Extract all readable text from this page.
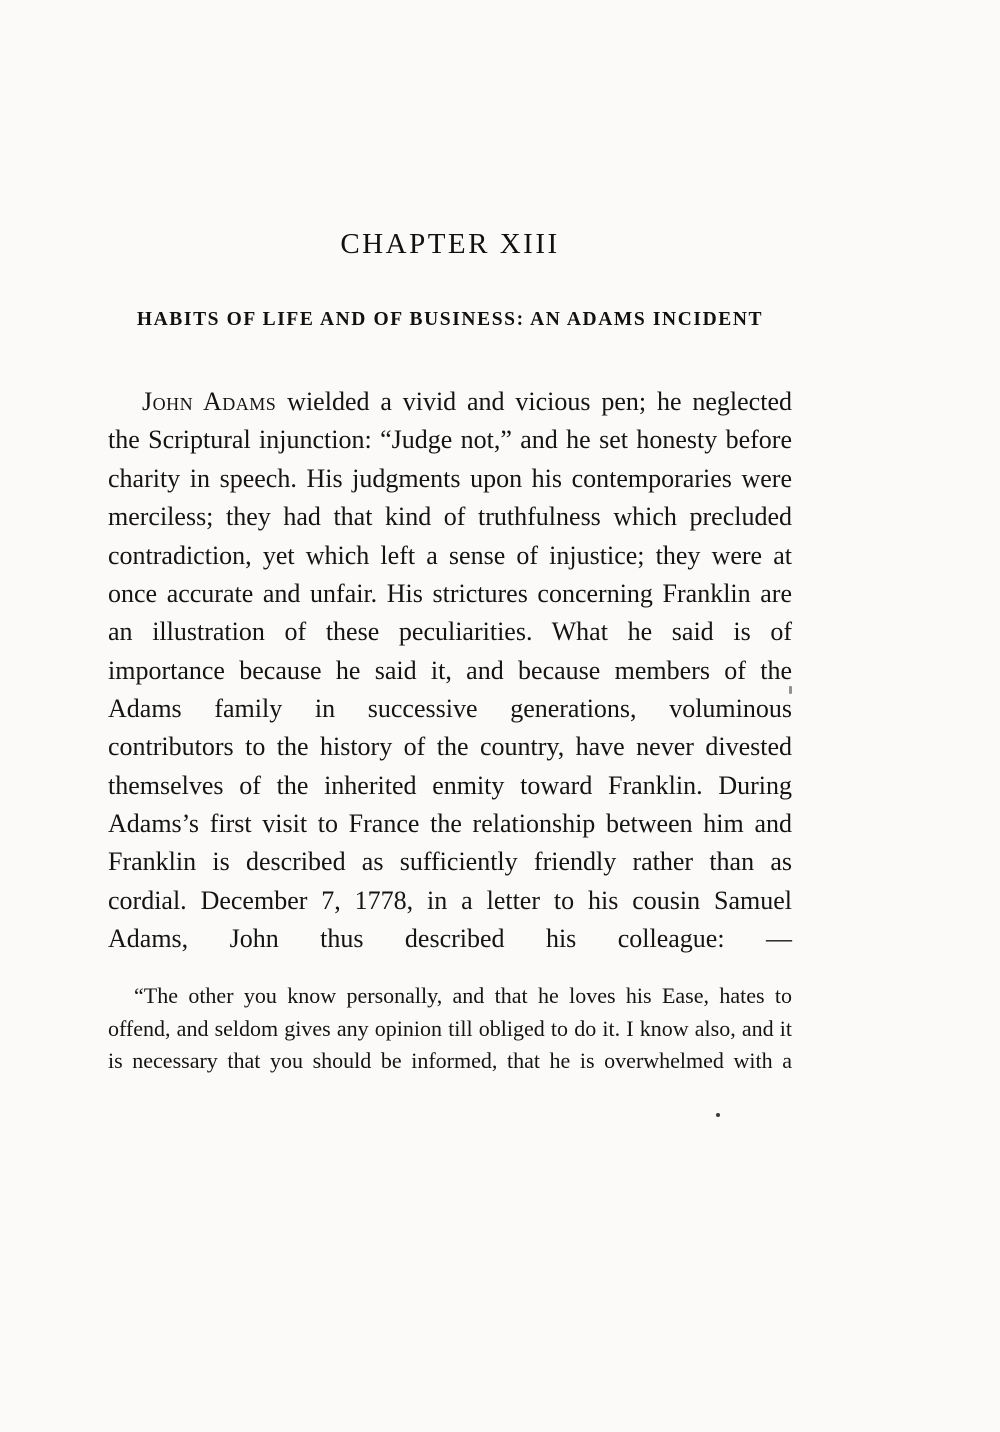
CHAPTER XIII
HABITS OF LIFE AND OF BUSINESS: AN ADAMS INCIDENT

John Adams wielded a vivid and vicious pen; he neglected the Scriptural injunction: “Judge not,” and he set honesty before charity in speech. His judgments upon his contemporaries were merciless; they had that kind of truthfulness which precluded contradiction, yet which left a sense of injustice; they were at once accurate and unfair. His strictures concerning Franklin are an illustration of these peculiarities. What he said is of importance because he said it, and because members of the Adams family in successive generations, voluminous contributors to the history of the country, have never divested themselves of the inherited enmity toward Franklin. During Adams’s first visit to France the relationship between him and Franklin is described as sufficiently friendly rather than as cordial. December 7, 1778, in a letter to his cousin Samuel Adams, John thus described his colleague: —

“The other you know personally, and that he loves his Ease, hates to offend, and seldom gives any opinion till obliged to do it. I know also, and it is necessary that you should be informed, that he is overwhelmed with a
